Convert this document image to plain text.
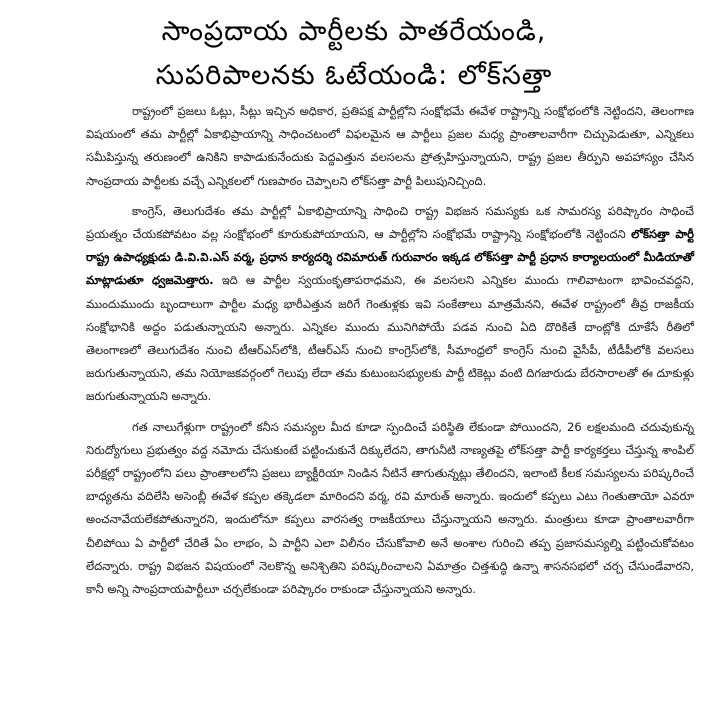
సాంప్రదాయ పార్టీలకు పాతరేయండి,
సుపరిపాలనకు ఓటేయండి: లోక్‌సత్తా

రాష్ట్రంలో ప్రజలు ఓట్లు, సీట్లు ఇచ్చిన అధికార, ప్రతిపక్ష పార్టీల్లోని సంక్షోభమే ఈవేళ రాష్ట్రాన్ని సంక్షోభంలోకి నెట్టిందని, తెలంగాణ విషయంలో తమ పార్టీల్లో ఏకాభిప్రాయాన్ని సాధించటంలో విఫలమైన ఆ పార్టీలు ప్రజల మధ్య ప్రాంతాలవారీగా చిచ్చుపెడుతూ, ఎన్నికలు సమీపిస్తున్న తరుణంలో ఉనికిని కాపాడుకునేందుకు పెద్దఎత్తున వలసలను ప్రోత్సహిస్తున్నాయని, రాష్ట్ర ప్రజల తీర్పుని అపహాస్యం చేసిన సాంప్రదాయ పార్టీలకు వచ్చే ఎన్నికలలో గుణపాఠం చెప్పాలని లోక్‌సత్తా పార్టీ పిలుపునిచ్చింది.

కాంగ్రెస్, తెలుగుదేశం తమ పార్టీల్లో ఏకాభిప్రాయాన్ని సాధించి రాష్ట్ర విభజన సమస్యకు ఒక సామరస్య పరిష్కారం సాధించే ప్రయత్నం చేయకపోవటం వల్ల సంక్షోభంలో కూరుకుపోయాయని, ఆ పార్టీల్లోని సంక్షోభమే రాష్ట్రాన్ని సంక్షోభంలోకి నెట్టిందని లోక్‌సత్తా పార్టీ రాష్ట్ర ఉపాధ్యక్షుడు డి.వి.వి.ఎస్ వర్మ, ప్రధాన కార్యదర్శి రవిమారుత్ గురువారం ఇక్కడ లోక్‌సత్తా పార్టీ ప్రధాన కార్యాలయంలో మీడియాతో మాట్లాడుతూ ధ్వజమెత్తారు. ఇది ఆ పార్టీల స్వయంకృతాపరాధమని, ఈ వలసలని ఎన్నికల ముందు గాలివాటంగా భావించవద్దని, ముందుముందు బృందాలుగా పార్టీల మధ్య భారీఎత్తున జరిగే గెంతుళ్లకు ఇవి సంకేతాలు మాత్రమేనని, ఈవేళ రాష్ట్రంలో తీవ్ర రాజకీయ సంక్షోభానికి అద్దం పడుతున్నాయని అన్నారు. ఎన్నికల ముందు మునిగిపోయే పడవ నుంచి ఏది దొరికితే దాంట్లోకి దూకేసే రీతిలో తెలంగాణలో తెలుగుదేశం నుంచి టీఆర్ఎస్‌లోకి, టీఆర్ఎస్ నుంచి కాంగ్రెస్‌లోకి, సీమాంధ్రలో కాంగ్రెస్ నుంచి వైసీపీ, టీడీపీలోకి వలసలు జరుగుతున్నాయని, తమ నియోజకవర్గంలో గెలుపు లేదా తమ కుటుంబసభ్యులకు పార్టీ టికెట్లు వంటి దిగజారుడు బేరసారాలతో ఈ దూకుళ్లు జరుగుతున్నాయని అన్నారు.

గత నాలుగేళ్లుగా రాష్ట్రంలో కనీస సమస్యల మీద కూడా స్పందించే పరిస్థితి లేకుండా పోయిందని, 26 లక్షలమంది చదువుకున్న నిరుద్యోగులు ప్రభుత్వం వద్ద నమోదు చేసుకుంటే పట్టించుకునే దిక్కులేదని, తాగునీటి నాణ్యతపై లోక్‌సత్తా పార్టీ కార్యకర్తలు చేస్తున్న శాంపిల్ పరీక్షల్లో రాష్ట్రంలోని పలు ప్రాంతాలలోని ప్రజలు బ్యాక్టీరియా నిండిన నీటినే తాగుతున్నట్లు తేలిందని, ఇలాంటి కీలక సమస్యలను పరిష్కరించే బాధ్యతను వదిలేసి అసెంబ్లీ ఈవేళ కప్పల తక్కెడలా మారిందని వర్మ, రవి మారుత్ అన్నారు. ఇందులో కప్పలు ఎటు గెంతుతాయో ఎవరూ అంచనావేయలేకపోతున్నారని, ఇందులోనూ కప్పలు వారసత్వ రాజకీయాలు చేస్తున్నాయని అన్నారు. మంత్రులు కూడా ప్రాంతాలవారీగా చీలిపోయి ఏ పార్టీలో చేరితే ఏం లాభం, ఏ పార్టీని ఎలా విలీనం చేసుకోవాలి అనే అంశాల గురించి తప్ప ప్రజాసమస్యల్ని పట్టించుకోవటం లేదన్నారు. రాష్ట్ర విభజన విషయంలో నెలకొన్న అనిశ్చితిని పరిష్కరించాలని ఏమాత్రం చిత్తశుద్ధి ఉన్నా శాసనసభలో చర్చ చేసుండేవారని, కానీ అన్ని సాంప్రదాయపార్టీలూ చర్చలేకుండా పరిష్కారం రాకుండా చేస్తున్నాయని అన్నారు.
